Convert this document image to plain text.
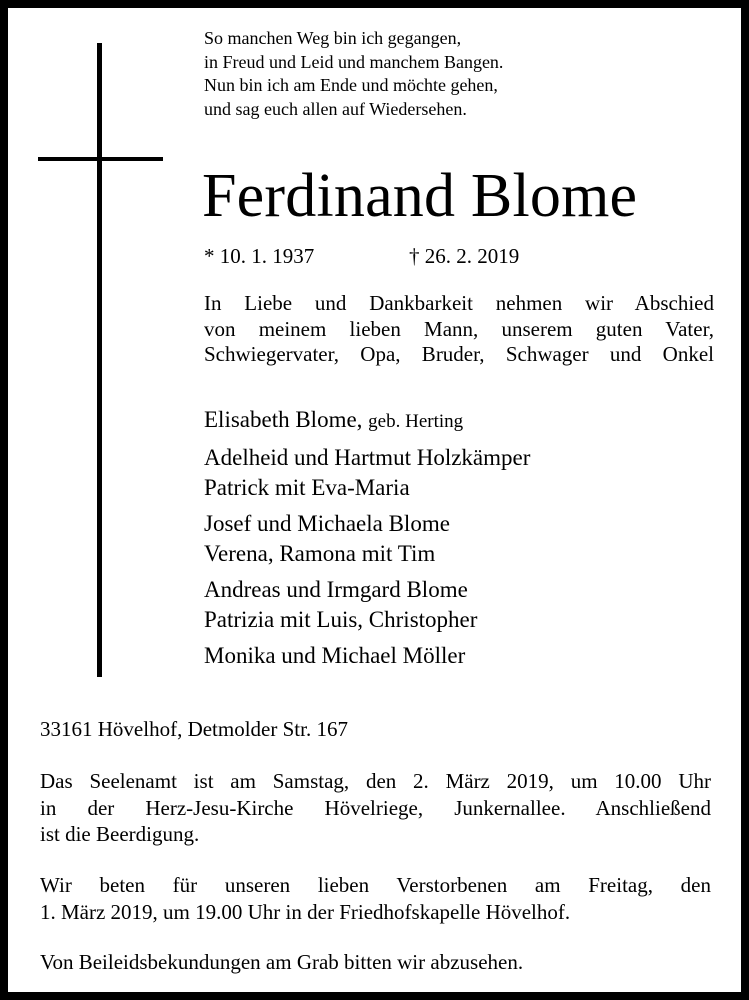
So manchen Weg bin ich gegangen,
in Freud und Leid und manchem Bangen.
Nun bin ich am Ende und möchte gehen,
und sag euch allen auf Wiedersehen.
Ferdinand Blome
* 10. 1. 1937	† 26. 2. 2019
In Liebe und Dankbarkeit nehmen wir Abschied
von meinem lieben Mann, unserem guten Vater,
Schwiegervater, Opa, Bruder, Schwager und Onkel
Elisabeth Blome, geb. Herting
Adelheid und Hartmut Holzkämper
Patrick mit Eva-Maria
Josef und Michaela Blome
Verena, Ramona mit Tim
Andreas und Irmgard Blome
Patrizia mit Luis, Christopher
Monika und Michael Möller
33161 Hövelhof, Detmolder Str. 167
Das Seelenamt ist am Samstag, den 2. März 2019, um 10.00 Uhr
in der Herz-Jesu-Kirche Hövelriege, Junkernallee. Anschließend
ist die Beerdigung.
Wir beten für unseren lieben Verstorbenen am Freitag, den
1. März 2019, um 19.00 Uhr in der Friedhofskapelle Hövelhof.
Von Beileidsbekundungen am Grab bitten wir abzusehen.
